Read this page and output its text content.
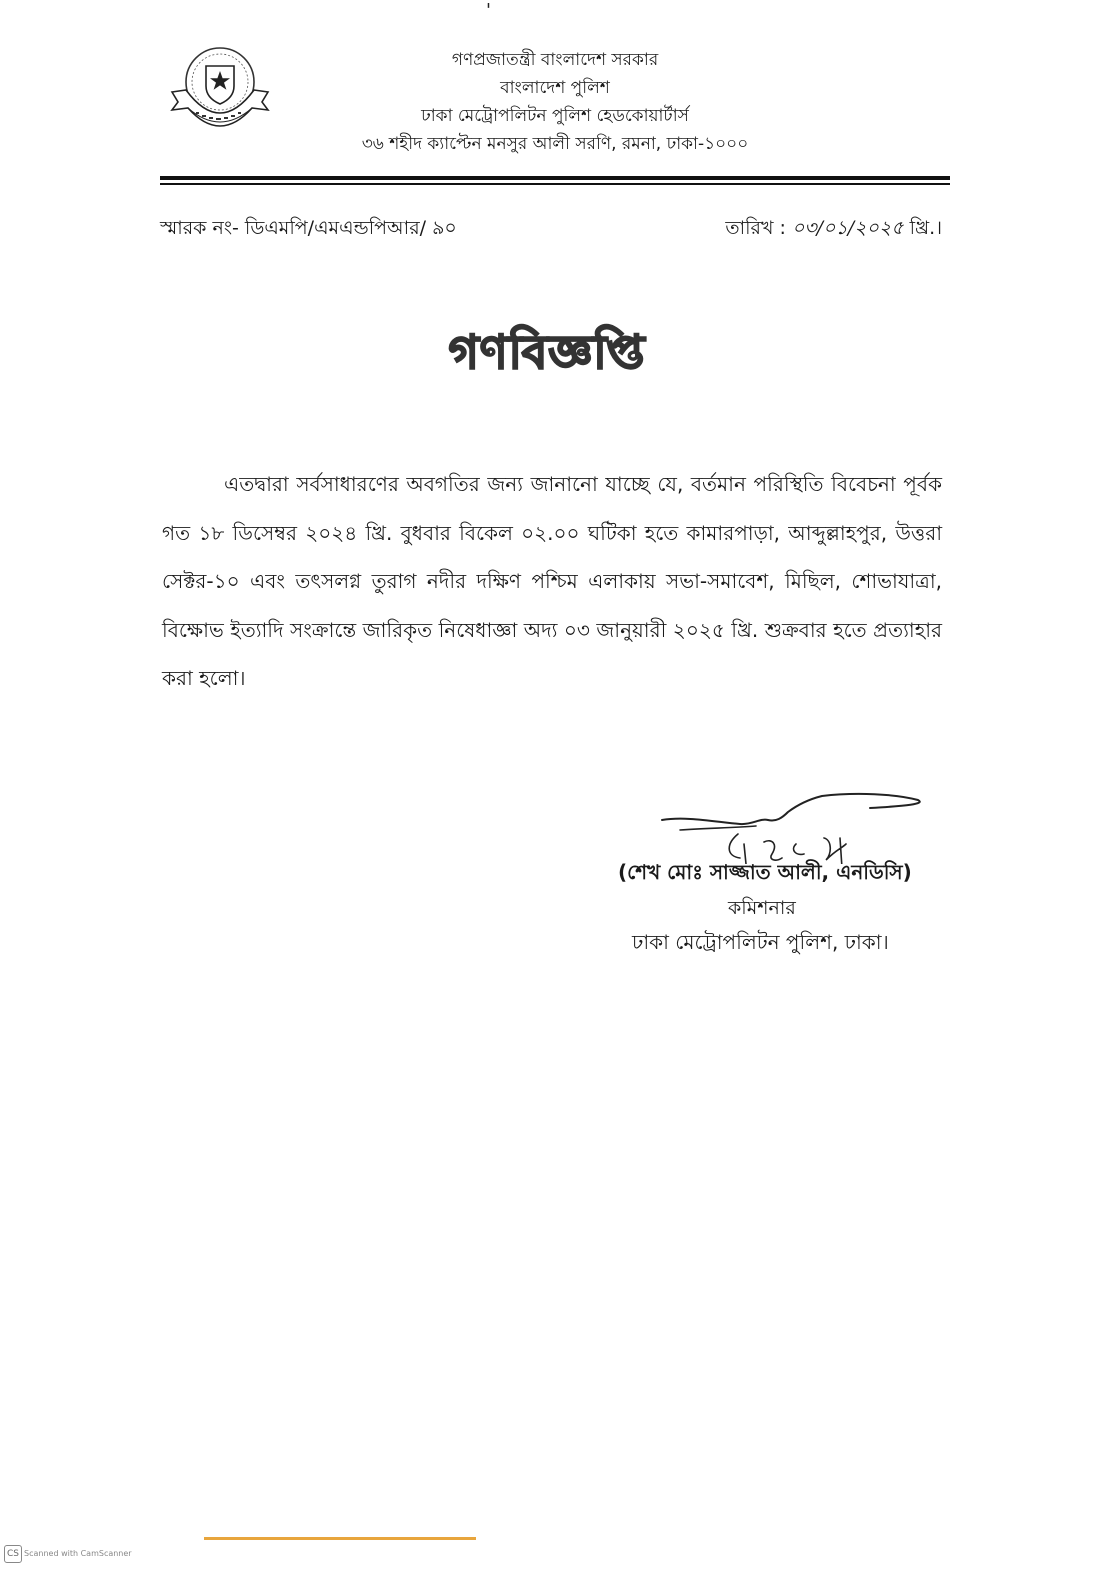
'
গণপ্রজাতন্ত্রী বাংলাদেশ সরকার
বাংলাদেশ পুলিশ
ঢাকা মেট্রোপলিটন পুলিশ হেডকোয়ার্টার্স
৩৬ শহীদ ক্যাপ্টেন মনসুর আলী সরণি, রমনা, ঢাকা-১০০০
স্মারক নং- ডিএমপি/এমএন্ডপিআর/ ৯০	তারিখ : ০৩/০১/২০২৫ খ্রি.।
গণবিজ্ঞপ্তি
এতদ্বারা সর্বসাধারণের অবগতির জন্য জানানো যাচ্ছে যে, বর্তমান পরিস্থিতি বিবেচনা পূর্বক গত ১৮ ডিসেম্বর ২০২৪ খ্রি. বুধবার বিকেল ০২.০০ ঘটিকা হতে কামারপাড়া, আব্দুল্লাহপুর, উত্তরা সেক্টর-১০ এবং তৎসলগ্ন তুরাগ নদীর দক্ষিণ পশ্চিম এলাকায় সভা-সমাবেশ, মিছিল, শোভাযাত্রা, বিক্ষোভ ইত্যাদি সংক্রান্তে জারিকৃত নিষেধাজ্ঞা অদ্য ০৩ জানুয়ারী ২০২৫ খ্রি. শুক্রবার হতে প্রত্যাহার করা হলো।
(শেখ মোঃ সাজ্জাত আলী, এনডিসি)
কমিশনার
ঢাকা মেট্রোপলিটন পুলিশ, ঢাকা।
CS Scanned with CamScanner
